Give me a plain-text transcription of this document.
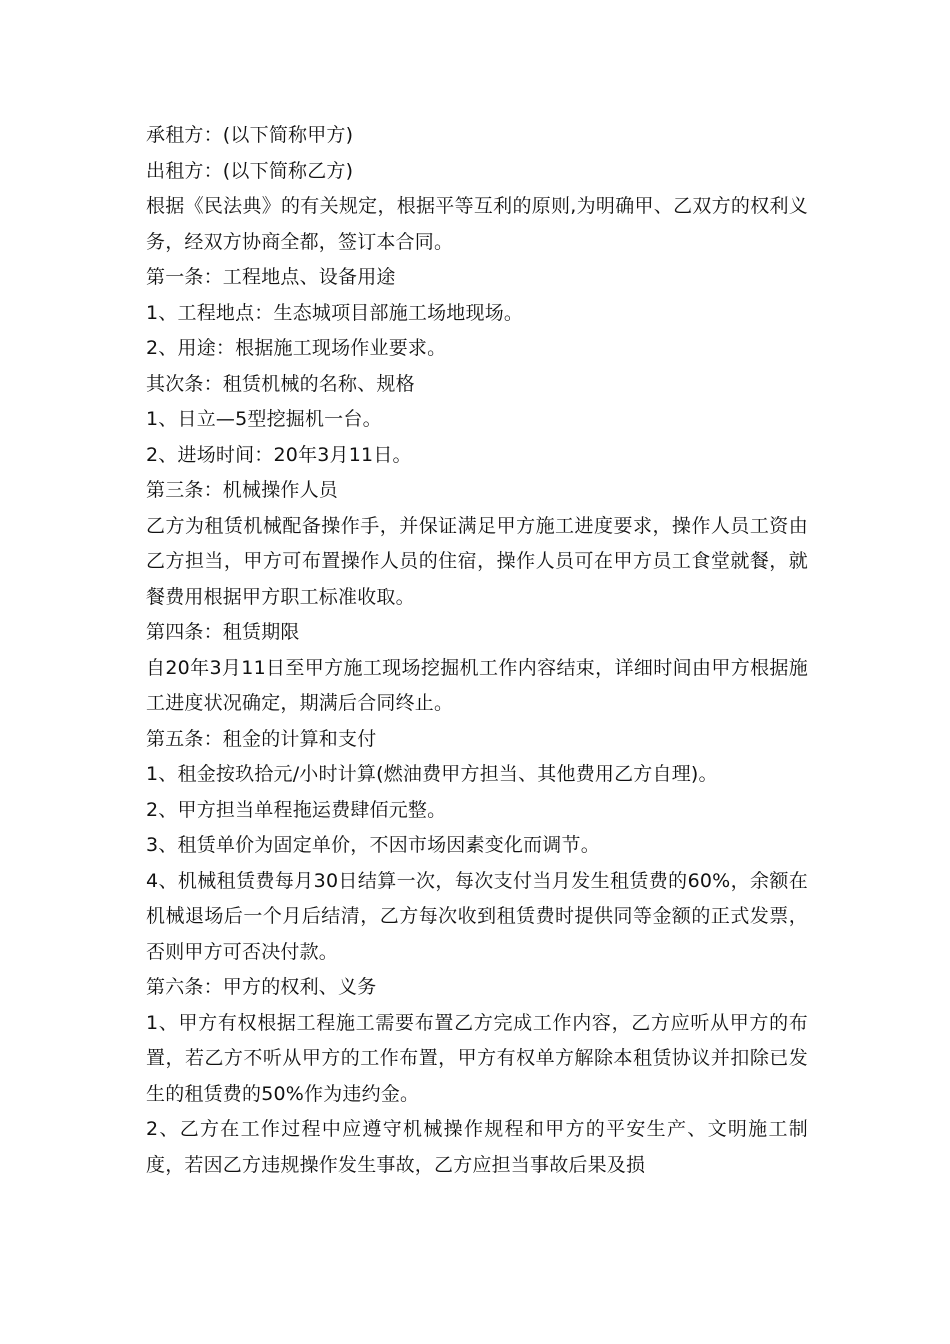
承租方：(以下简称甲方)

出租方：(以下简称乙方)

根据《民法典》的有关规定，根据平等互利的原则,为明确甲、乙双方的权利义务，经双方协商全都，签订本合同。

第一条：工程地点、设备用途

1、工程地点：生态城项目部施工场地现场。

2、用途：根据施工现场作业要求。

其次条：租赁机械的名称、规格

1、日立—5型挖掘机一台。

2、进场时间：20年3月11日。

第三条：机械操作人员

乙方为租赁机械配备操作手，并保证满足甲方施工进度要求，操作人员工资由乙方担当，甲方可布置操作人员的住宿，操作人员可在甲方员工食堂就餐，就餐费用根据甲方职工标准收取。

第四条：租赁期限

自20年3月11日至甲方施工现场挖掘机工作内容结束，详细时间由甲方根据施工进度状况确定，期满后合同终止。

第五条：租金的计算和支付

1、租金按玖拾元/小时计算(燃油费甲方担当、其他费用乙方自理)。

2、甲方担当单程拖运费肆佰元整。

3、租赁单价为固定单价，不因市场因素变化而调节。

4、机械租赁费每月30日结算一次，每次支付当月发生租赁费的60%，余额在机械退场后一个月后结清，乙方每次收到租赁费时提供同等金额的正式发票，否则甲方可否决付款。

第六条：甲方的权利、义务

1、甲方有权根据工程施工需要布置乙方完成工作内容，乙方应听从甲方的布置，若乙方不听从甲方的工作布置，甲方有权单方解除本租赁协议并扣除已发生的租赁费的50%作为违约金。

2、乙方在工作过程中应遵守机械操作规程和甲方的平安生产、文明施工制度，若因乙方违规操作发生事故，乙方应担当事故后果及损
